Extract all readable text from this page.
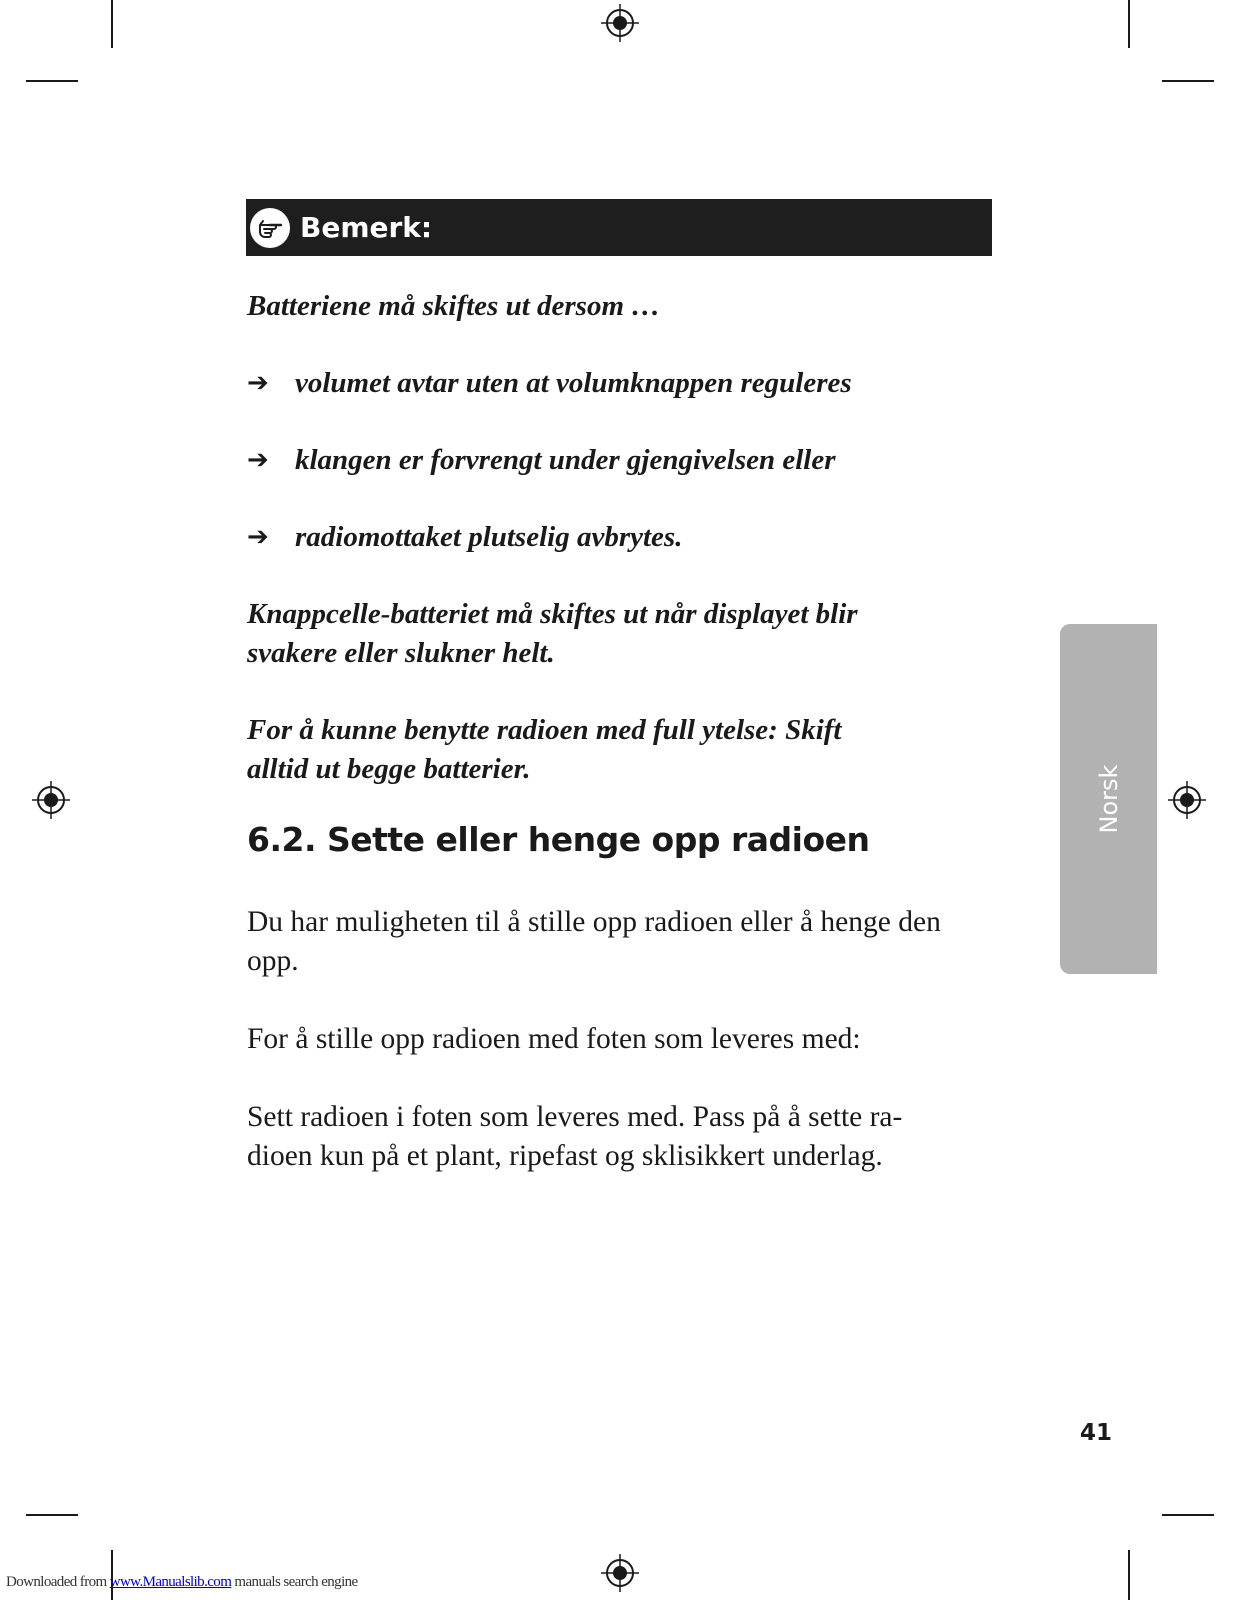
Bemerk:

Batteriene må skiftes ut dersom …

➔ volumet avtar uten at volumknappen reguleres
➔ klangen er forvrengt under gjengivelsen eller
➔ radiomottaket plutselig avbrytes.

Knappcelle-batteriet må skiftes ut når displayet blir svakere eller slukner helt.

For å kunne benytte radioen med full ytelse: Skift alltid ut begge batterier.

6.2. Sette eller henge opp radioen

Du har muligheten til å stille opp radioen eller å henge den opp.

For å stille opp radioen med foten som leveres med:

Sett radioen i foten som leveres med. Pass på å sette ra-dioen kun på et plant, ripefast og sklisikkert underlag.

Norsk
41
Downloaded from www.Manualslib.com manuals search engine
